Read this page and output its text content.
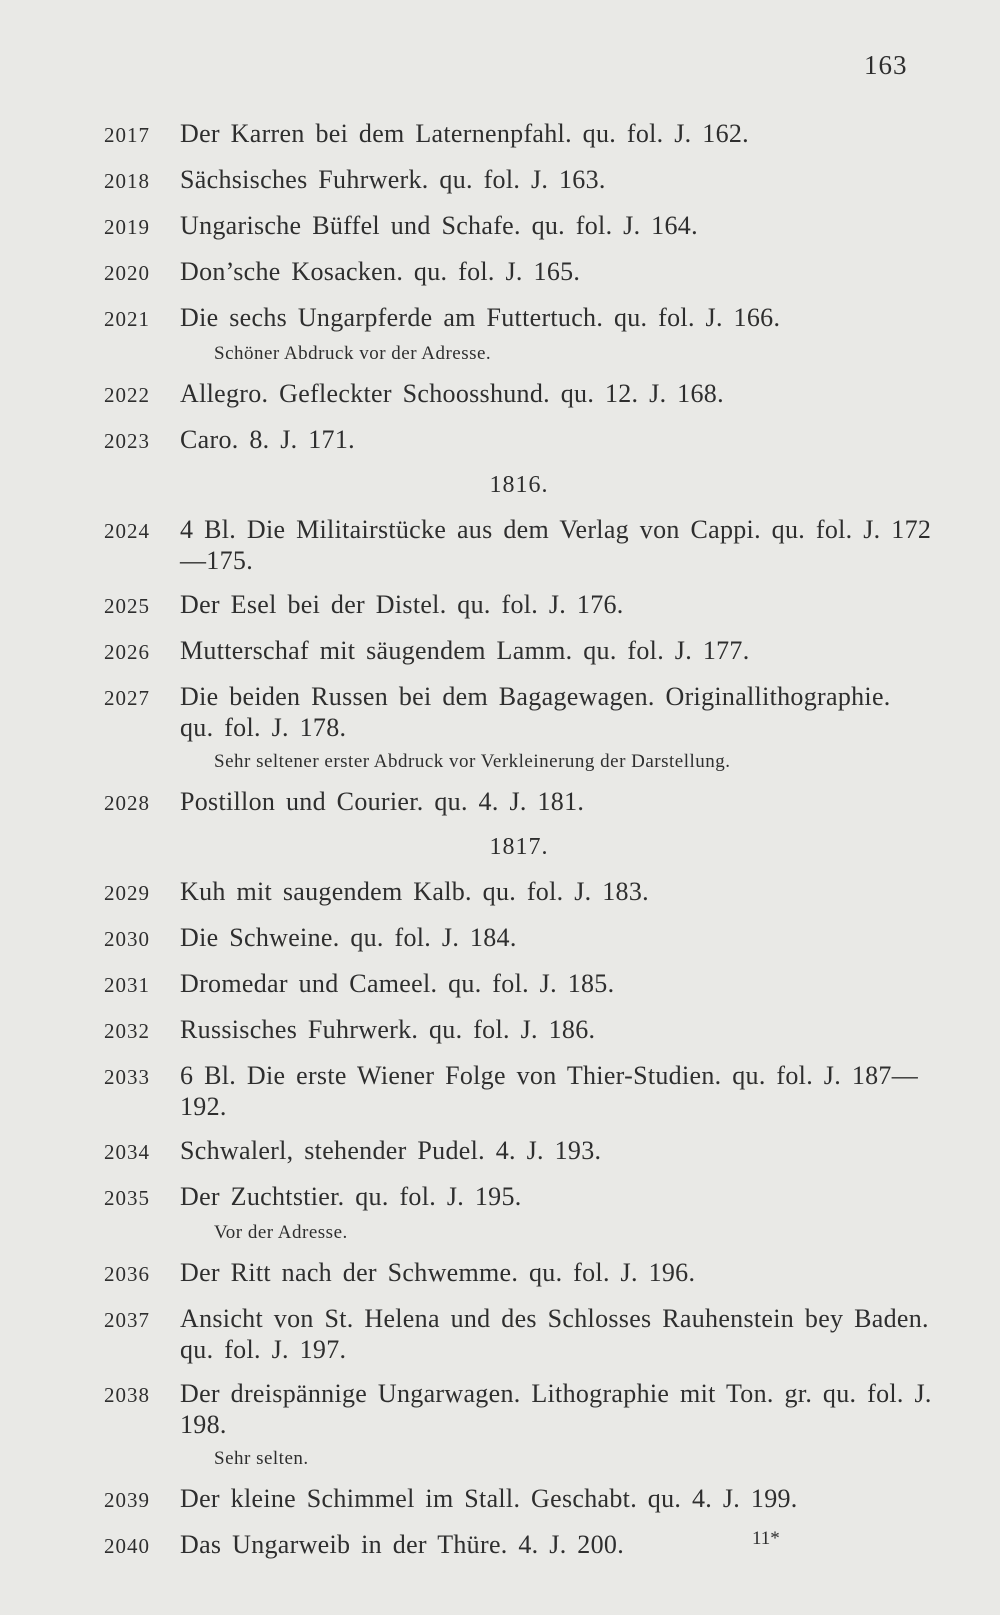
163
2017	Der Karren bei dem Laternenpfahl. qu. fol. J. 162.
2018	Sächsisches Fuhrwerk. qu. fol. J. 163.
2019	Ungarische Büffel und Schafe. qu. fol. J. 164.
2020	Don’sche Kosacken. qu. fol. J. 165.
2021	Die sechs Ungarpferde am Futtertuch. qu. fol. J. 166.
Schöner Abdruck vor der Adresse.
2022	Allegro. Gefleckter Schoosshund. qu. 12. J. 168.
2023	Caro. 8. J. 171.
1816.
2024	4 Bl. Die Militairstücke aus dem Verlag von Cappi. qu. fol. J. 172—175.
2025	Der Esel bei der Distel. qu. fol. J. 176.
2026	Mutterschaf mit säugendem Lamm. qu. fol. J. 177.
2027	Die beiden Russen bei dem Bagagewagen. Originallithographie. qu. fol. J. 178.
Sehr seltener erster Abdruck vor Verkleinerung der Darstellung.
2028	Postillon und Courier. qu. 4. J. 181.
1817.
2029	Kuh mit saugendem Kalb. qu. fol. J. 183.
2030	Die Schweine. qu. fol. J. 184.
2031	Dromedar und Cameel. qu. fol. J. 185.
2032	Russisches Fuhrwerk. qu. fol. J. 186.
2033	6 Bl. Die erste Wiener Folge von Thier-Studien. qu. fol. J. 187—192.
2034	Schwalerl, stehender Pudel. 4. J. 193.
2035	Der Zuchtstier. qu. fol. J. 195.
Vor der Adresse.
2036	Der Ritt nach der Schwemme. qu. fol. J. 196.
2037	Ansicht von St. Helena und des Schlosses Rauhenstein bey Baden. qu. fol. J. 197.
2038	Der dreispännige Ungarwagen. Lithographie mit Ton. gr. qu. fol. J. 198.
Sehr selten.
2039	Der kleine Schimmel im Stall. Geschabt. qu. 4. J. 199.
2040	Das Ungarweib in der Thüre. 4. J. 200.	11*
